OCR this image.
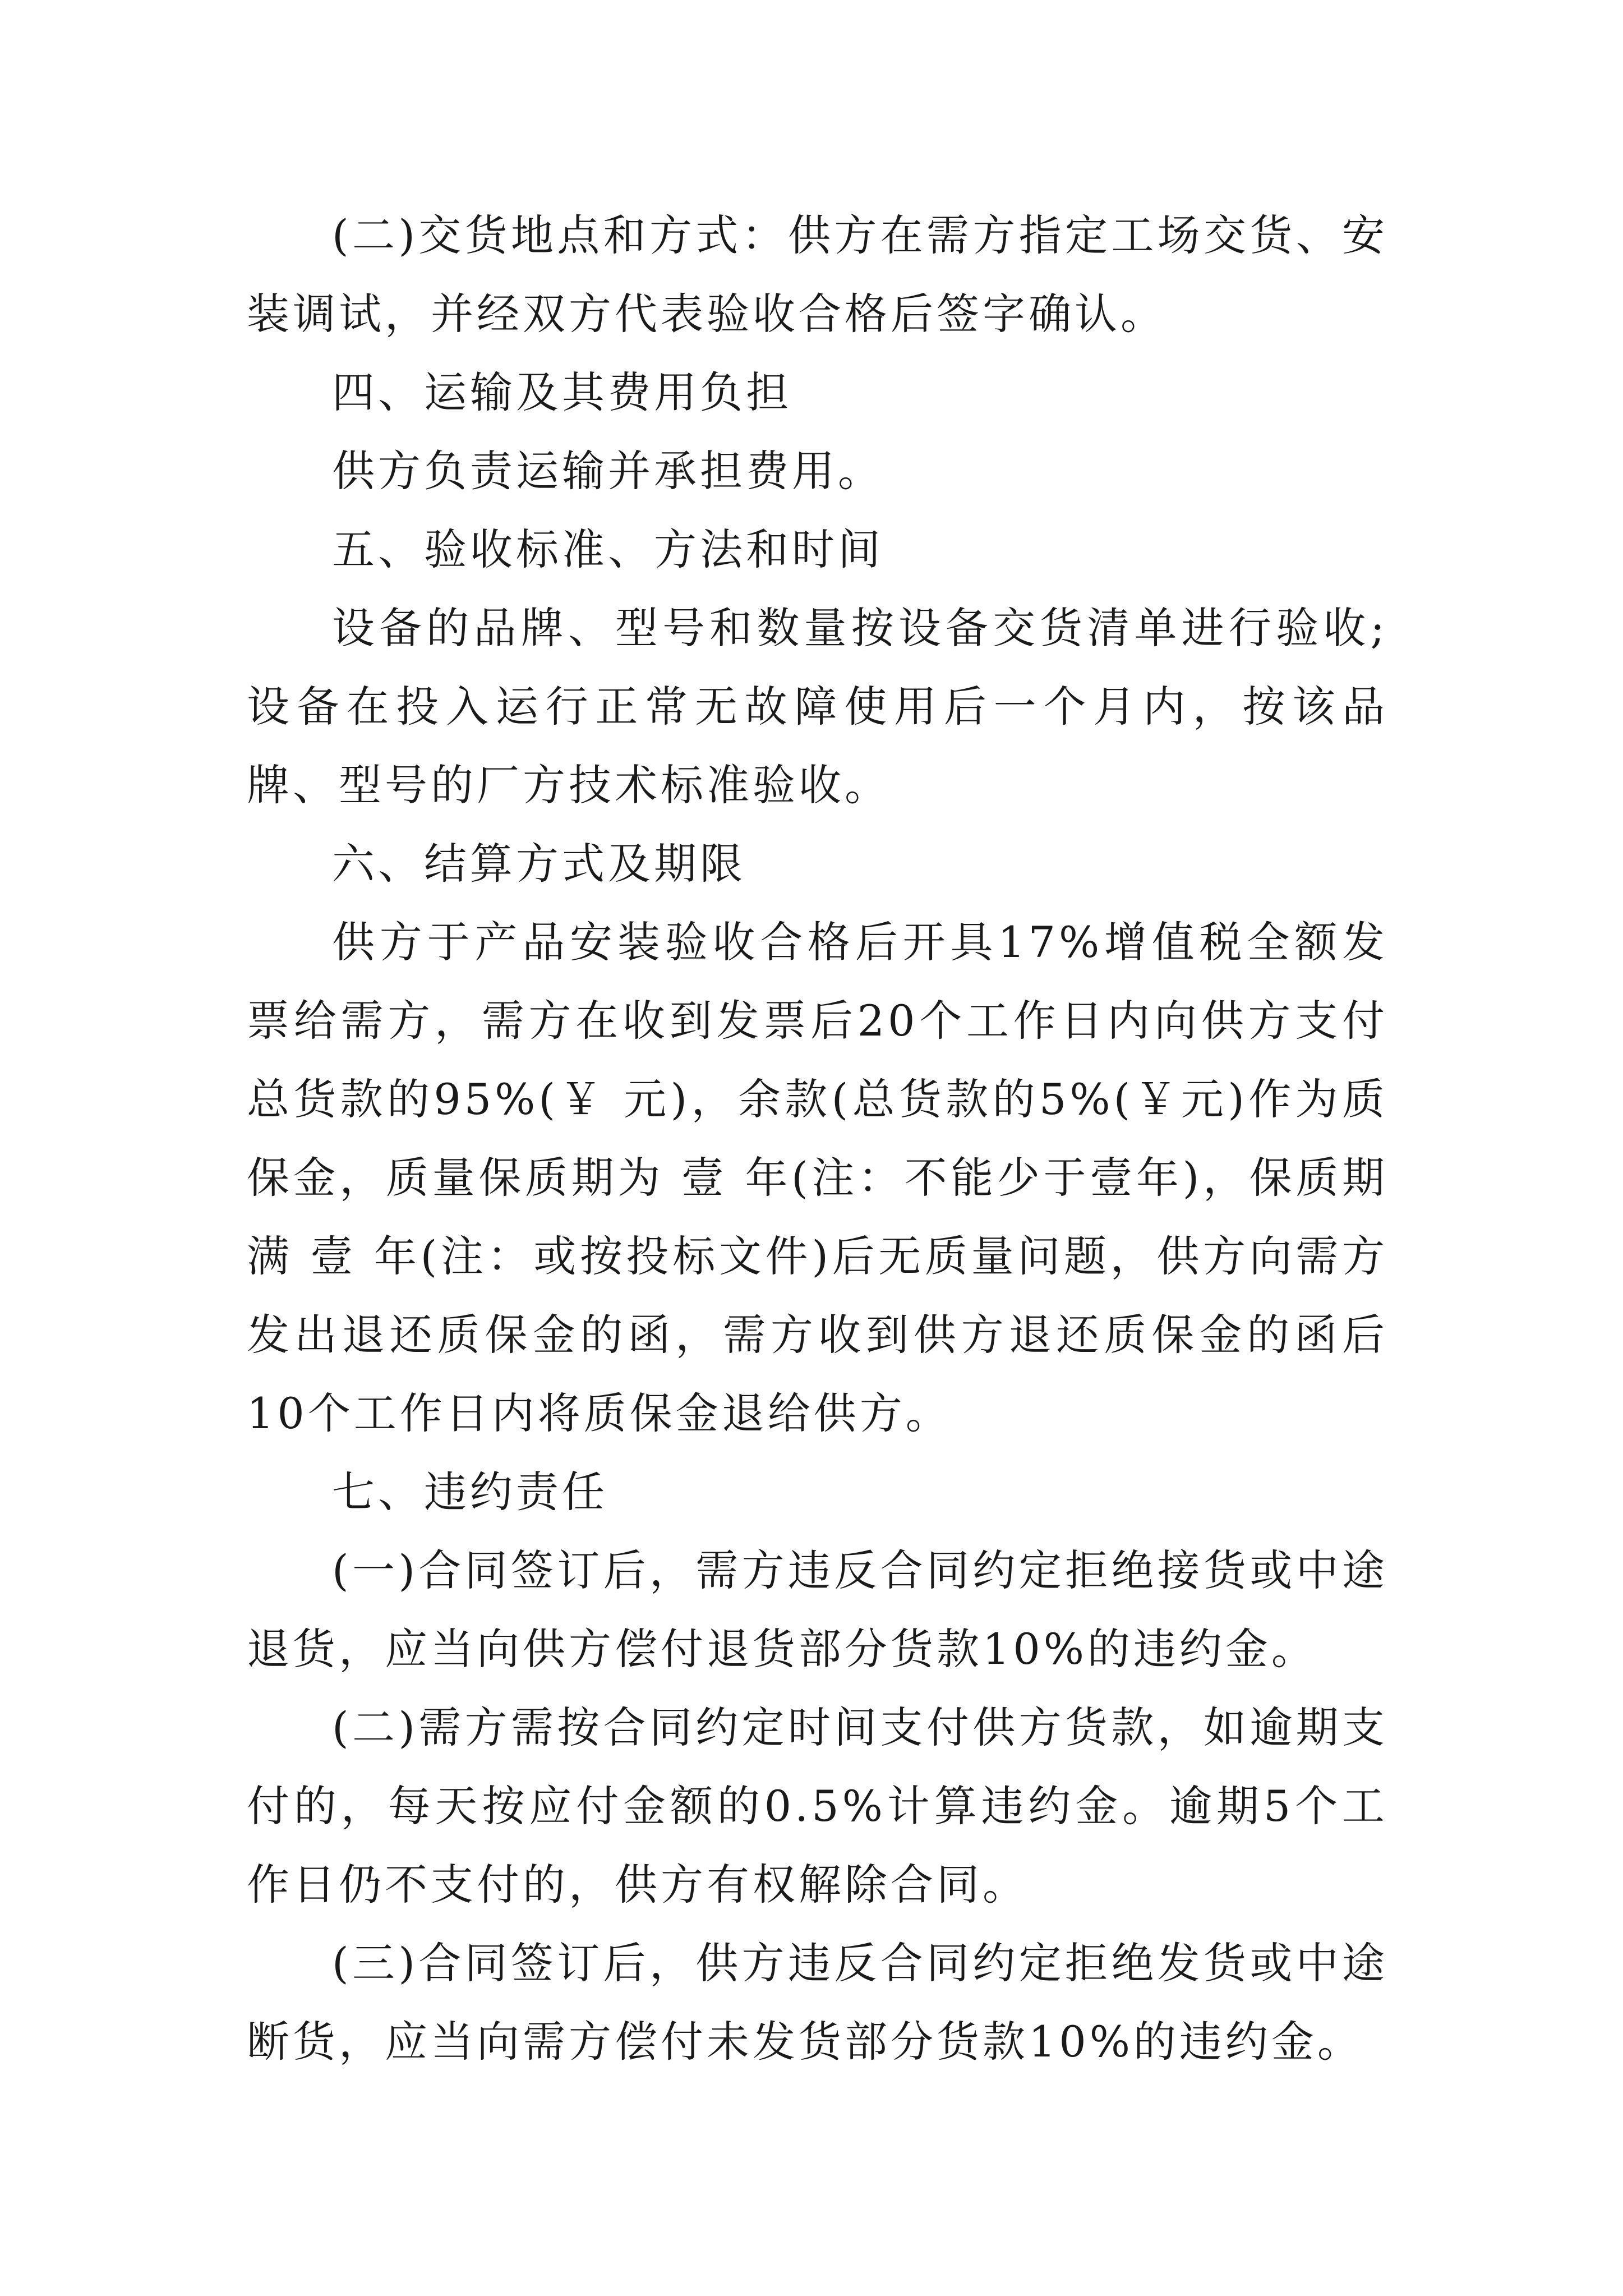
(二)交货地点和方式：供方在需方指定工场交货、安装调试，并经双方代表验收合格后签字确认。

四、运输及其费用负担

供方负责运输并承担费用。

五、验收标准、方法和时间

设备的品牌、型号和数量按设备交货清单进行验收;设备在投入运行正常无故障使用后一个月内，按该品牌、型号的厂方技术标准验收。

六、结算方式及期限

供方于产品安装验收合格后开具17%增值税全额发票给需方，需方在收到发票后20个工作日内向供方支付总货款的95%(￥ 元)，余款(总货款的5%(￥元)作为质保金，质量保质期为 壹 年(注：不能少于壹年)，保质期满 壹 年(注：或按投标文件)后无质量问题，供方向需方发出退还质保金的函，需方收到供方退还质保金的函后10个工作日内将质保金退给供方。

七、违约责任

(一)合同签订后，需方违反合同约定拒绝接货或中途退货，应当向供方偿付退货部分货款10%的违约金。

(二)需方需按合同约定时间支付供方货款，如逾期支付的，每天按应付金额的0.5%计算违约金。逾期5个工作日仍不支付的，供方有权解除合同。

(三)合同签订后，供方违反合同约定拒绝发货或中途断货，应当向需方偿付未发货部分货款10%的违约金。
